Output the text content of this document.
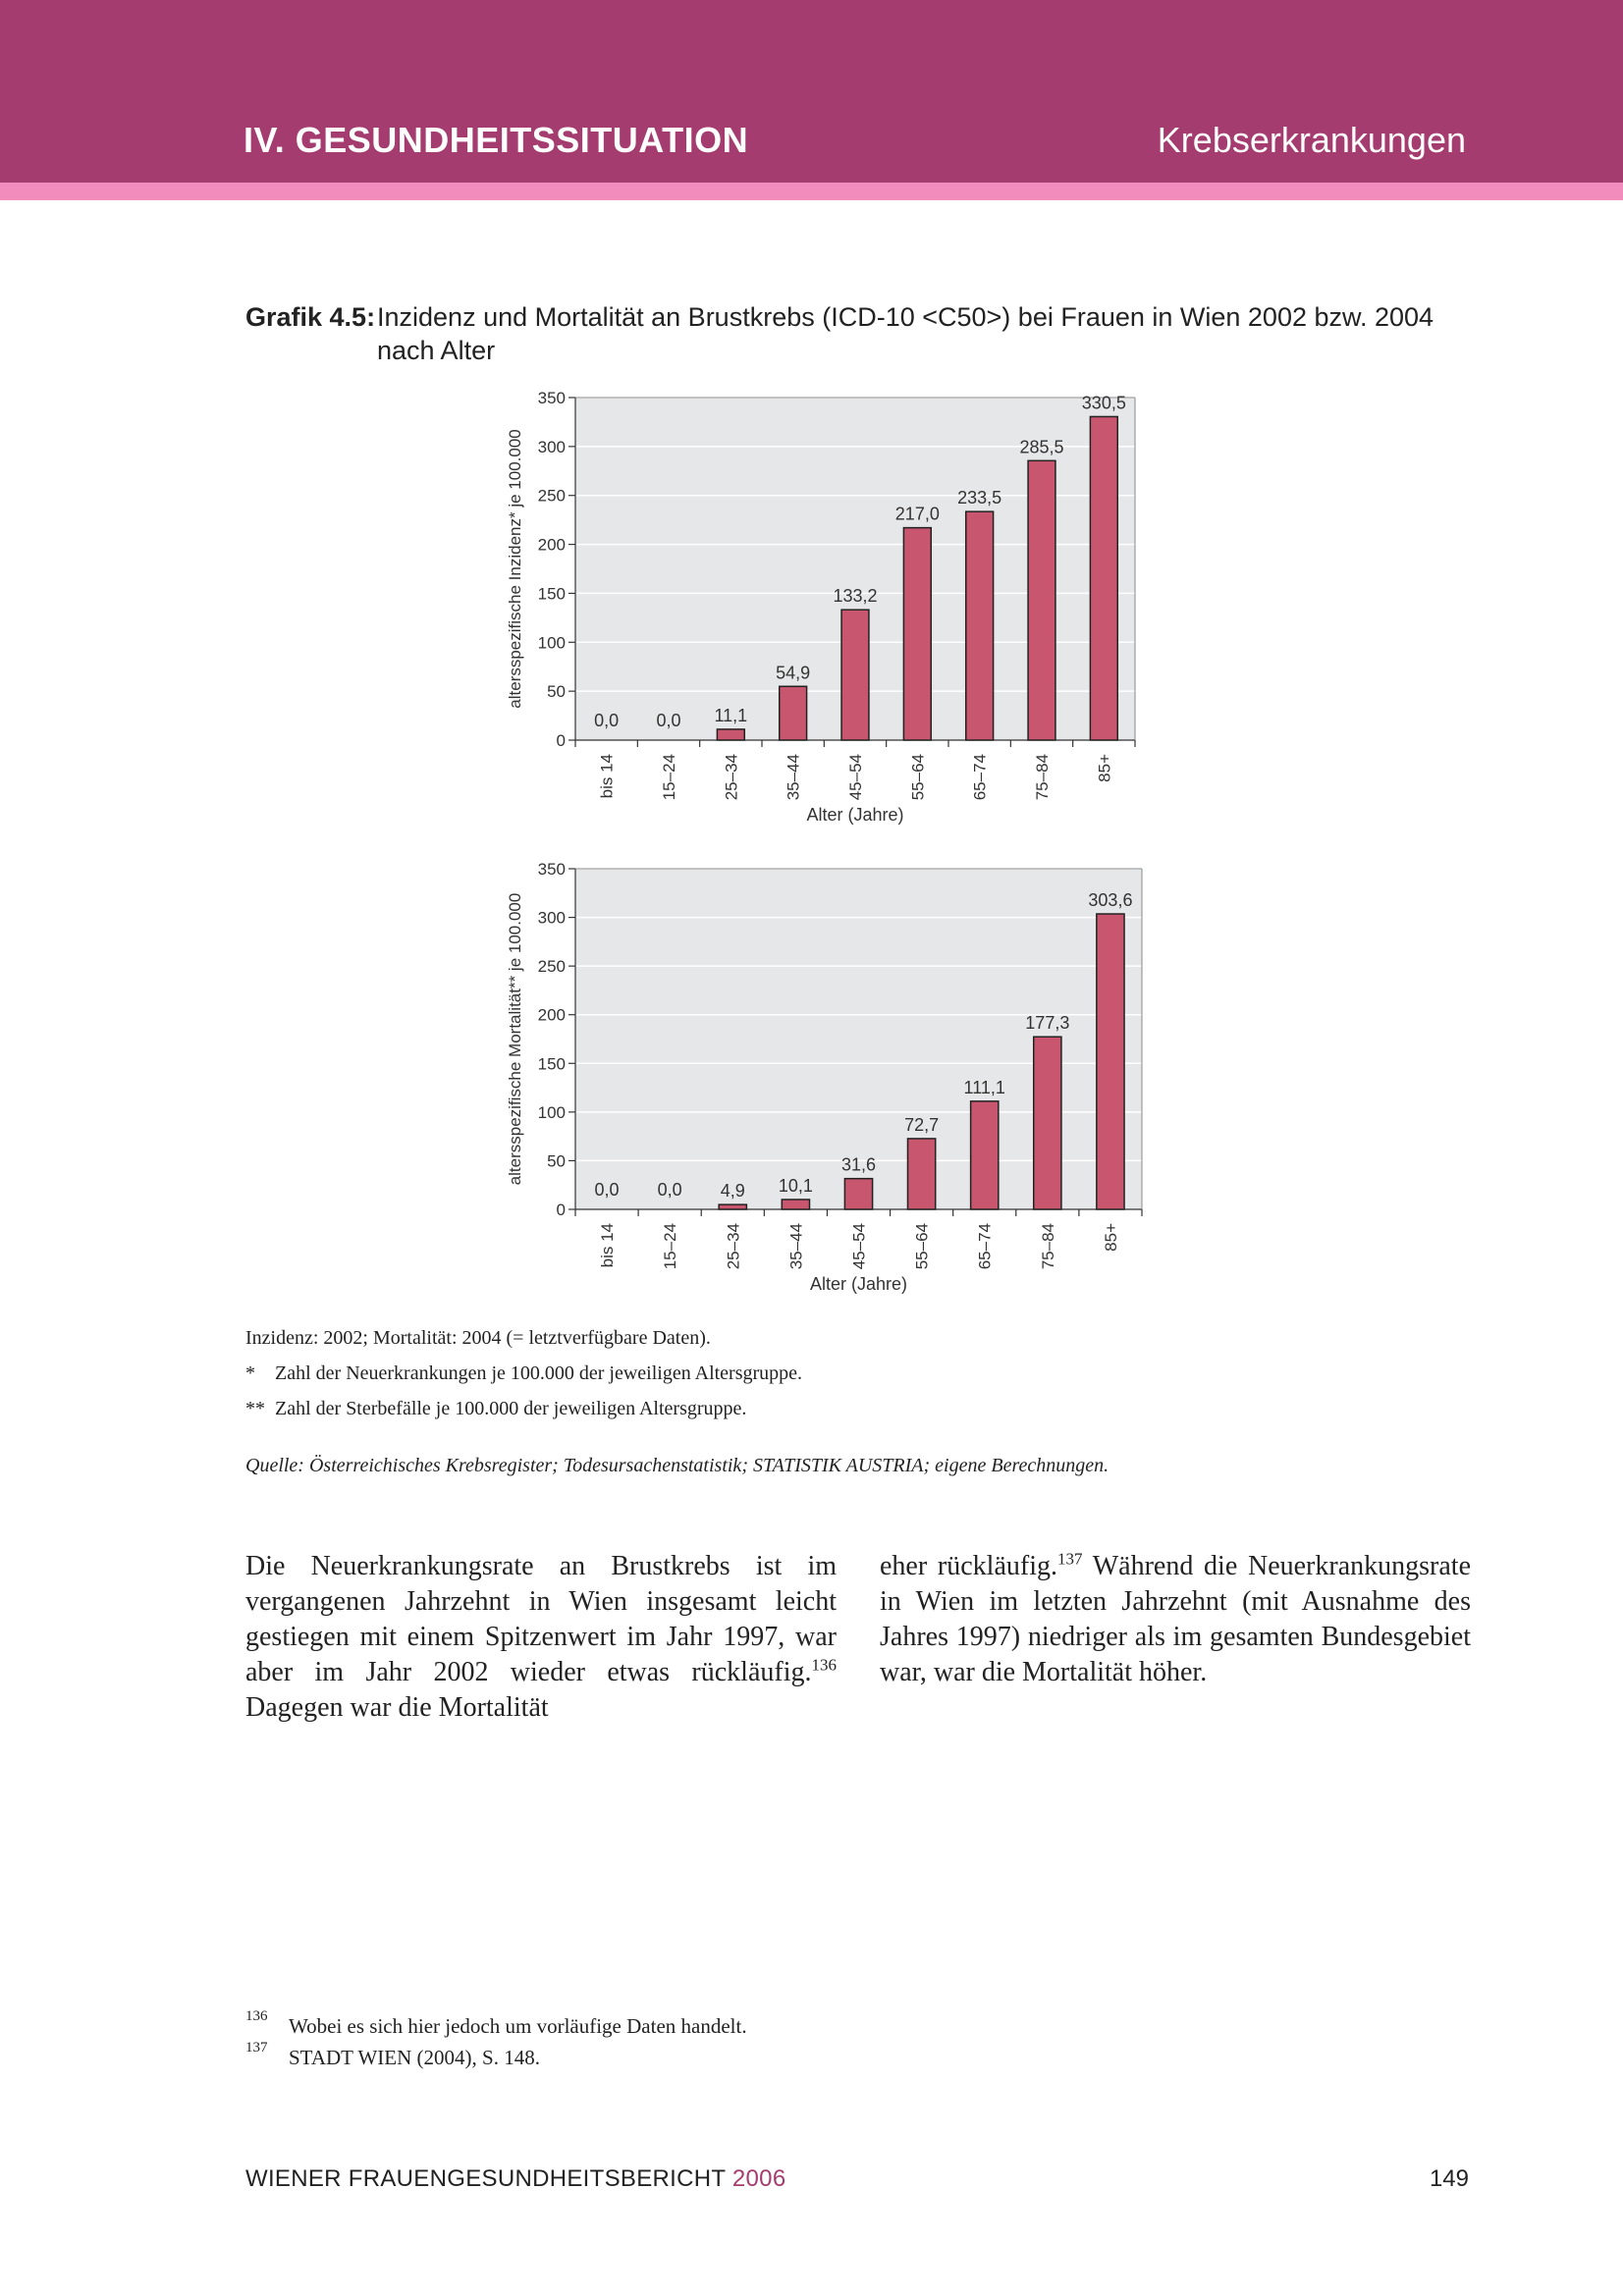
IV. GESUNDHEITSSITUATION	Krebserkrankungen
Grafik 4.5: Inzidenz und Mortalität an Brustkrebs (ICD-10 <C50>) bei Frauen in Wien 2002 bzw. 2004 nach Alter
0
50
100
150
200
250
300
350
0,0
bis 14
0,0
15–24
11,1
25–34
54,9
35–44
133,2
45–54
217,0
55–64
233,5
65–74
285,5
75–84
330,5
85+
Alter (Jahre)
altersspezifische Inzidenz* je 100.000
0
50
100
150
200
250
300
350
0,0
bis 14
0,0
15–24
4,9
25–34
10,1
35–44
31,6
45–54
72,7
55–64
111,1
65–74
177,3
75–84
303,6
85+
Alter (Jahre)
altersspezifische Mortalität** je 100.000
Inzidenz: 2002; Mortalität: 2004 (= letztverfügbare Daten).
* Zahl der Neuerkrankungen je 100.000 der jeweiligen Altersgruppe.
** Zahl der Sterbefälle je 100.000 der jeweiligen Altersgruppe.
Quelle: Österreichisches Krebsregister; Todesursachenstatistik; STATISTIK AUSTRIA; eigene Berechnungen.
Die Neuerkrankungsrate an Brustkrebs ist im vergangenen Jahrzehnt in Wien insgesamt leicht gestiegen mit einem Spitzenwert im Jahr 1997, war aber im Jahr 2002 wieder etwas rückläufig.$^{136}$ Dagegen war die Mortalität
eher rückläufig.$^{137}$ Während die Neuerkrankungsrate in Wien im letzten Jahrzehnt (mit Ausnahme des Jahres 1997) niedriger als im gesamten Bundesgebiet war, war die Mortalität höher.
136 Wobei es sich hier jedoch um vorläufige Daten handelt.
137 STADT WIEN (2004), S. 148.
WIENER FRAUENGESUNDHEITSBERICHT 2006	149
